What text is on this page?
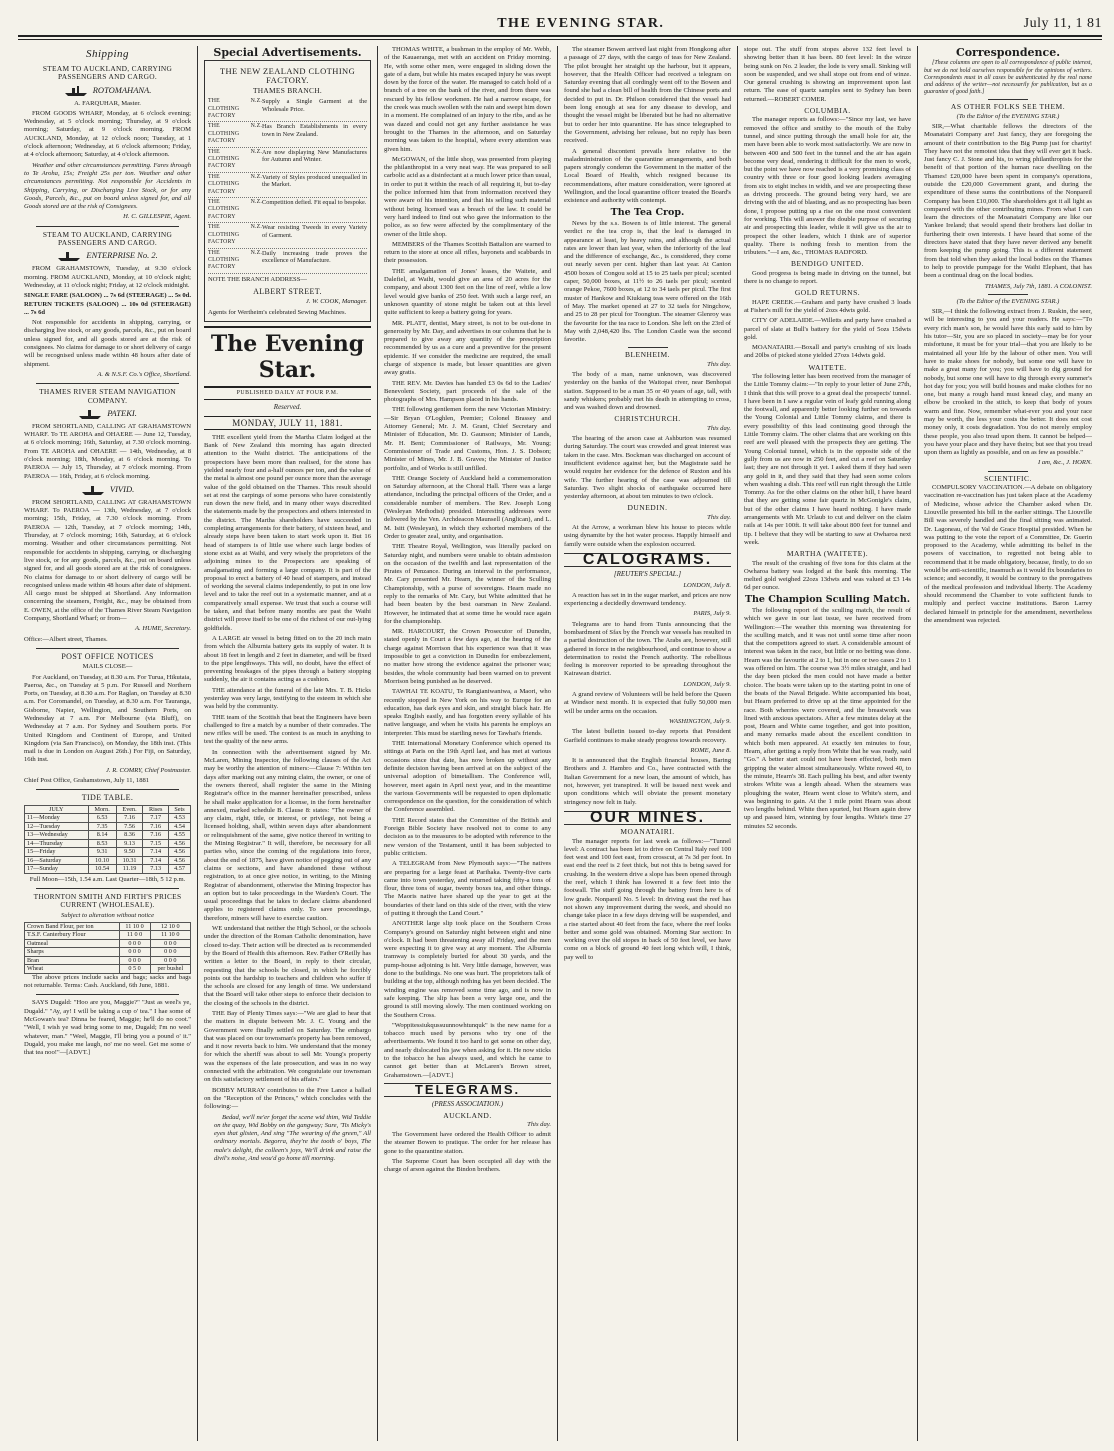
THE EVENING STAR.	July 11, 1 81
Shipping
STEAM TO AUCKLAND, CARRYING PASSENGERS AND CARGO.
ROTOMAHANA.

A. FARQUHAR, Master.

FROM GOODS WHARF, Monday, at 6 o'clock evening; Wednesday, at 5 o'clock morning; Thursday, at 9 o'clock morning; Saturday, at 9 o'clock morning. FROM AUCKLAND, Monday, at 12 o'clock noon; Tuesday, at 1 o'clock afternoon; Wednesday, at 6 o'clock afternoon; Friday, at 4 o'clock afternoon; Saturday, at 4 o'clock afternoon.

Weather and other circumstances permitting. Fares through to Te Aroha, 15s; Freight 25s per ton. Weather and other circumstances permitting. Not responsible for Accidents in Shipping, Carrying, or Discharging Live Stock, or for any Goods, Parcels, &c., put on board unless signed for, and all Goods stored are at the risk of Consignees.

H. C. GILLESPIE, Agent.

STEAM TO AUCKLAND, CARRYING PASSENGERS AND CARGO.
ENTERPRISE No. 2.

FROM GRAHAMSTOWN, Tuesday, at 9.30 o'clock morning. FROM AUCKLAND, Monday, at 10 o'clock night; Wednesday, at 11 o'clock night; Friday, at 12 o'clock midnight.

SINGLE FARE (SALOON) ... 7s 6d (STEERAGE) ... 5s 0d. RETURN TICKETS (SALOON) ... 10s 0d (STEERAGE) ... 7s 6d

Not responsible for accidents in shipping, carrying, or discharging live stock, or any goods, parcels, &c., put on board unless signed for, and all goods stored are at the risk of consignees. No claims for damage to or short delivery of cargo will be recognised unless made within 48 hours after date of shipment.

A. & N.S.F. Co.'s Office, Shortland.

THAMES RIVER STEAM NAVIGATION COMPANY.
PATEKI.

FROM SHORTLAND, CALLING AT GRAHAMSTOWN WHARF. To TE AROHA and OHAERE — June 12, Tuesday, at 6 o'clock morning; 16th, Saturday, at 7.30 o'clock morning. From TE AROHA and OHAERE — 14th, Wednesday, at 8 o'clock morning; 18th, Monday, at 6 o'clock morning. To PAEROA — July 15, Thursday, at 7 o'clock morning. From PAEROA — 16th, Friday, at 6 o'clock morning.

VIVID.

FROM SHORTLAND, CALLING AT GRAHAMSTOWN WHARF. To PAEROA — 13th, Wednesday, at 7 o'clock morning; 15th, Friday, at 7.30 o'clock morning. From PAEROA — 12th, Tuesday, at 7 o'clock morning; 14th, Thursday, at 7 o'clock morning; 16th, Saturday, at 6 o'clock morning. Weather and other circumstances permitting. Not responsible for accidents in shipping, carrying, or discharging live stock, or for any goods, parcels, &c., put on board unless signed for, and all goods stored are at the risk of consignees. No claims for damage to or short delivery of cargo will be recognised unless made within 48 hours after date of shipment. All cargo must be shipped at Shortland. Any information concerning the steamers, Freight, &c., may be obtained from E. OWEN, at the office of the Thames River Steam Navigation Company, Shortland Wharf; or from—

A. HUME, Secretary.

Office:—Albert street, Thames.

POST OFFICE NOTICES

MAILS CLOSE—

For Auckland, on Tuesday, at 8.30 a.m. For Turua, Hikutaia, Paeroa, &c., on Tuesday at 5 p.m. For Russell and Northern Ports, on Tuesday, at 8.30 a.m. For Raglan, on Tuesday at 8.30 a.m. For Coromandel, on Tuesday, at 8.30 a.m. For Tauranga, Gisborne, Napier, Wellington, and Southern Ports, on Wednesday at 7 a.m. For Melbourne (via Bluff), on Wednesday at 7 a.m. For Sydney and Southern ports. For United Kingdom and Continent of Europe, and United Kingdom (via San Francisco), on Monday, the 18th inst. (This mail is due in London on August 26th.) For Fiji, on Saturday, 16th inst.

J. R. COMRY, Chief Postmaster.

Chief Post Office, Grahamstown, July 11, 1881

TIDE TABLE.
JULY	Morn.	Even.	Rises	Sets
11—Monday	6.53	7.16	7.17	4.53
12—Tuesday	7.35	7.56	7.16	4.54
13—Wednesday	8.14	8.36	7.16	4.55
14—Thursday	8.53	9.13	7.15	4.56
15—Friday	9.31	9.50	7.14	4.56
16—Saturday	10.10	10.31	7.14	4.56
17—Sunday	10.54	11.19	7.13	4.57

Full Moon—15th, 1.54 a.m. Last Quarter—18th, 5 12 p.m.

THORNTON SMITH AND FIRTH'S PRICES CURRENT (WHOLESALE).

Subject to alteration without notice

Crown Band Flour, per ton	11 10 0	12 10 0
T.S.F. Canterbury Flour	11 0 0	11 10 0
Oatmeal	0 0 0	0 0 0
Sharps	0 0 0	0 0 0
Bran	0 0 0	0 0 0
Wheat	0 5 0	per bushel

The above prices include sacks and bags; sacks and bags not returnable. Terms: Cash. Auckland, 6th June, 1881.

SAYS Dugald: "Hoo are you, Maggie?" "Just as weel's ye, Dugald." "Ay, ay! I will be taking a cup o' tea." I hae some of McGowan's tea? Dinna be feared, Maggie; he'll do no coot." "Well, I wish ye wad bring some to me, Dugald; I'm no weel whatever, man." "Weel, Maggie, I'll bring you a pound o' it." Dugald, you make me laugh, no' me no weel. Get me some o' that tea noo!"—[ADVT.]

Special Advertisements.
THE NEW ZEALAND CLOTHING FACTORY.
THAMES BRANCH.
THE N.Z. CLOTHING FACTORY
Supply a Single Garment at the Wholesale Price.
THE N.Z. CLOTHING FACTORY
Has Branch Establishments in every town in New Zealand.
THE N.Z. CLOTHING FACTORY
Are now displaying New Manufactures for Autumn and Winter.
THE N.Z. CLOTHING FACTORY
Variety of Styles produced unequalled in the Market.
THE N.Z. CLOTHING FACTORY
Competition defied. Fit equal to bespoke.
THE N.Z. CLOTHING FACTORY
Wear resisting Tweeds in every Variety of Garment.
THE N.Z. CLOTHING FACTORY
Daily increasing trade proves the excellence of Manufacture.

NOTE THE BRANCH ADDRESS—

ALBERT STREET.

J. W. COOK, Manager.

Agents for Wertheim's celebrated Sewing Machines.

The Evening Star.
PUBLISHED DAILY AT FOUR P.M.
Reserved.
MONDAY, JULY 11, 1881.

THE excellent yield from the Martha Claim lodged at the Bank of New Zealand this morning has again directed attention to the Waihi district. The anticipations of the prospectors have been more than realised, for the stone has yielded nearly four and a-half ounces per ton, and the value of the metal is almost one pound per ounce more than the average value of the gold obtained on the Thames. This result should set at rest the carpings of some persons who have consistently run down the new field, and in many other ways discredited the statements made by the prospectors and others interested in the district. The Martha shareholders have succeeded in completing arrangements for their battery, of sixteen head, and already steps have been taken to start work upon it. But 16 head of stampers is of little use where such large bodies of stone exist as at Waihi, and very wisely the proprietors of the adjoining mines to the Prospectors are speaking of amalgamating and forming a large company. It is part of the proposal to erect a battery of 40 head of stampers, and instead of working the several claims independently, to put in one low level and to take the reef out in a systematic manner, and at a comparatively small expense. We trust that such a course will be taken, and that before many months are past the Waihi district will prove itself to be one of the richest of our out-lying goldfields.

A LARGE air vessel is being fitted on to the 20 inch main from which the Alburnia battery gets its supply of water. It is about 18 feet in length and 2 feet in diameter, and will be fixed to the pipe lengthways. This will, no doubt, have the effect of preventing breakages of the pipes through a battery stopping suddenly, the air it contains acting as a cushion.

THE attendance at the funeral of the late Mrs. T. B. Hicks yesterday was very large, testifying to the esteem in which she was held by the community.

THE team of the Scottish that beat the Engineers have been challenged to fire a match by a number of their comrades. The new rifles will be used. The contest is as much in anything to test the quality of the new arms.

In connection with the advertisement signed by Mr. McLaren, Mining Inspector, the following clauses of the Act may be worthy the attention of miners:—Clause 7: Within ten days after marking out any mining claim, the owner, or one of the owners thereof, shall register the same in the Mining Registrar's office in the manner hereinafter prescribed, unless he shall make application for a license, in the form hereinafter annexed, marked schedule B. Clause 8: states: "The owner of any claim, right, title, or interest, or privilege, not being a licensed holding, shall, within seven days after abandonment or relinquishment of the same, give notice thereof in writing to the Mining Registrar." It will, therefore, be necessary for all parties who, since the coming of the regulations into force, about the end of 1875, have given notice of pegging out of any claims or sections, and have abandoned these without registration, to at once give notice, in writing, to the Mining Registrar of abandonment, otherwise the Mining Inspector has an option but to take proceedings in the Warden's Court. The usual proceedings that he takes to declare claims abandoned applies to registered claims only. To save proceedings, therefore, miners will have to exercise caution.

WE understand that neither the High School, or the schools under the direction of the Roman Catholic denomination, have closed to-day. Their action will be directed as is recommended by the Board of Health this afternoon. Rev. Father O'Reilly has written a letter to the Board, in reply to their circular, requesting that the schools be closed, in which he forcibly points out the hardship to teachers and children who suffer if the schools are closed for any length of time. We understand that the Board will take other steps to enforce their decision to the closing of the schools in the district.

THE Bay of Plenty Times says:—"We are glad to hear that the matters in dispute between Mr. J. C. Young and the Government were finally settled on Saturday. The embargo that was placed on our townsman's property has been removed, and it now reverts back to him. We understand that the money for which the sheriff was about to sell Mr. Young's property was the expenses of the late prosecution, and was in no way connected with the arbitration. We congratulate our townsman on this satisfactory settlement of his affairs."

BOBBY MURRAY contributes to the Free Lance a ballad on the "Reception of the Princes," which concludes with the following:—

Bedad, we'll ne'er forget the scene wid thim, Wid Teddie on the quay, Wid Bobby on the gangway; Sure, 'Tis Micky's eyes that glisten, And sing "The wearing of the green," All ordinary mortals. Begorra, they're the tooth o' boys, The male's delight, the colleen's joys, We'll drink and raise the divil's noise, And wou'd go home till morning.

THOMAS WHITE, a bushman in the employ of Mr. Webb, of the Kauaeranga, met with an accident on Friday morning. He, with some other men, were engaged in sliding down the gate of a dam, but while his mates escaped injury he was swept down by the force of the water. He managed to catch hold of a branch of a tree on the bank of the river, and from there was rescued by his fellow workmen. He had a narrow escape, for the creek was much swollen with the rain and swept him down in a moment. He complained of an injury to the ribs, and as he was dazed and could not get any further assistance he was brought to the Thames in the afternoon, and on Saturday morning was taken to the hospital, where every attention was given him.

McGOWAN, of the little shop, was presented from playing the philanthropist in a very neat way. He was prepared to sell carbolic acid as a disinfectant at a much lower price than usual, in order to put it within the reach of all requiring it, but to-day the police informed him that from information received they were aware of his intention, and that his selling such material without being licensed was a breach of the law. It could be very hard indeed to find out who gave the information to the police, as so few were affected by the complimentary of the owner of the little shop.

MEMBERS of the Thames Scottish Battalion are warned to return to the store at once all rifles, bayonets and scabbards in their possession.

THE amalgamation of Jones' leases, the Waitete, and Dalefiel, at Waihi, would give an area of 20 acres for the company, and about 1300 feet on the line of reef, while a low level would give banks of 250 feet. With such a large reef, an unknown quantity of stone might be taken out at this level quite sufficient to keep a battery going for years.

MR. PLATT, dentist, Mary street, is not to be out-done in generosity by Mr. Day, and advertises in our columns that he is prepared to give away any quantity of the prescription recommended by us as a cure and a preventive for the present epidemic. If we consider the medicine are required, the small charge of sixpence is made, but lesser quantities are given away gratis.

THE REV. Mr. Davies has handed £3 0s 6d to the Ladies' Benevolent Society, part proceeds of the sale of the photographs of Mrs. Hampson placed in his hands.

THE following gentlemen form the new Victorian Ministry:—Sir Bryan O'Loghlen, Premier; Colonel Brassey and Attorney General; Mr. J. M. Grant, Chief Secretary and Minister of Education, Mr. D. Gaunson; Minister of Lands, Mr. H. Bent; Commissioner of Railways, Mr. Young; Commissioner of Trade and Customs, Hon. J. S. Dobson; Minister of Mines, Mr. J. B. Graves; the Minister of Justice portfolio, and of Works is still unfilled.

THE Orange Society of Auckland held a commemoration on Saturday afternoon, at the Choral Hall. There was a large attendance, including the principal officers of the Order, and a considerable number of members. The Rev. Joseph Long (Wesleyan Methodist) presided. Interesting addresses were delivered by the Ven. Archdeacon Maunsell (Anglican), and L. M. Isitt (Wesleyan), in which they exhorted members of the Order to greater zeal, unity, and organisation.

THE Theatre Royal, Wellington, was literally packed on Saturday night, and numbers were unable to obtain admission on the occasion of the twelfth and last representation of the Pirates of Penzance. During an interval in the performance, Mr. Cary presented Mr. Hearn, the winner of the Sculling Championship, with a purse of sovereigns. Hearn made no reply to the remarks of Mr. Cary, but White admitted that he had been beaten by the best oarsman in New Zealand. However, he intimated that at some time he would race again for the championship.

MR. HARCOURT, the Crown Prosecutor of Dunedin, stated openly in Court a few days ago, at the hearing of the charge against Morrison that his experience was that it was impossible to get a conviction in Dunedin for embezzlement, no matter how strong the evidence against the prisoner was; besides, the whole community had been warned on to prevent Morrison being punished as he deserved.

TAWHAI TE KOATU, Te Rangianiwaniwa, a Maori, who recently stopped in New York on his way to Europe for an education, has dark eyes and skin, and straight black hair. He speaks English easily, and has forgotten every syllable of his native language, and when he visits his parents he employs an interpreter. This must be startling news for Tawhai's friends.

THE International Monetary Conference which opened its sittings at Paris on the 19th April last, and has met at various occasions since that date, has now broken up without any definite decision having been arrived at on the subject of the universal adoption of bimetallism. The Conference will, however, meet again in April next year, and in the meantime the various Governments will be requested to open diplomatic correspondence on the question, for the consideration of which the Conference assembled.

THE Record states that the Committee of the British and Foreign Bible Society have resolved not to come to any decision as to the measures to be adopted with reference to the new version of the Testament, until it has been subjected to public criticism.

A TELEGRAM from New Plymouth says:—"The natives are preparing for a large feast at Parihaka. Twenty-five carts came into town yesterday, and returned taking fifty-a tons of flour, three tons of sugar, twenty boxes tea, and other things. The Maoris native have shared up the year to get at the boundaries of their land on this side of the river, with the view of putting it through the Land Court."

ANOTHER large slip took place on the Southern Cross Company's ground on Saturday night between eight and nine o'clock. It had been threatening away all Friday, and the men were expecting it to give way at any moment. The Alburnia tramway is completely buried for about 30 yards, and the pump-house adjoining is hit. Very little damage, however, was done to the buildings. No one was hurt. The proprietors talk of building at the top, although nothing has yet been decided. The winding engine was removed some time ago, and is now in safe keeping. The slip has been a very large one, and the ground is still moving slowly. The men continued working on the Southern Cross.

"Woppitessiukqussuunnowhtunquk" is the new name for a tobacco much used by persons who try one of the advertisements. We found it too hard to get some on other day, and nearly dislocated his jaw when asking for it. He now sticks to the tobacco he has always used, and which he came to cannot get better than at McLaren's Brown street, Grahamstown.—[ADVT.]

TELEGRAMS.
(PRESS ASSOCIATION.)
AUCKLAND.

This day.

The Government have ordered the Health Officer to admit the steamer Bowen to pratique. The order for her release has gone to the quarantine station.

The Supreme Court has been occupied all day with the charge of arson against the Bindon brothers.

The steamer Bowen arrived last night from Hongkong after a passage of 27 days, with the cargo of teas for New Zealand. The pilot brought her straight up the harbour, but it appears, however, that the Health Officer had received a telegram on Saturday evening that all cordingly went off to the Bowen and found she had a clean bill of health from the Chinese ports and decided to put in. Dr. Philson considered that the vessel had been long enough at sea for any disease to develop, and thought the vessel might be liberated but he had no alternative but to order her into quarantine. He has since telegraphed to the Government, advising her release, but no reply has been received.

A general discontent prevails here relative to the maladministration of the quarantine arrangements, and both papers strongly condemn the Government in the matter of the Local Board of Health, which resigned because its recommendations, after mature consideration, were ignored at Wellington, and the local quarantine officer treated the Board's existence and authority with contempt.

The Tea Crop.

News by the s.s. Bowen is of little interest. The general verdict re the tea crop is, that the leaf is damaged in appearance at least, by heavy rains, and although the actual rates are lower than last year, when the inferiority of the leaf and the difference of exchange, &c., is considered, they come out nearly seven per cent. higher than last year. At Canton 4500 boxes of Congou sold at 15 to 25 taels per picul; scented caper, 50,000 boxes, at 11½ to 26 taels per picul; scented orange Pekoe, 7600 boxes, at 12 to 34 taels per picul. The first muster of Hankow and Kiukiang teas were offered on the 16th of May. The market opened at 27 to 32 taels for Ningchow, and 25 to 28 per picul for Toongtun. The steamer Glenroy was the favourite for the tea race to London. She left on the 23rd of May with 2,048,420 lbs. The London Castle was the second favorite.

BLENHEIM.

This day.

The body of a man, name unknown, was discovered yesterday on the banks of the Waitopai river, near Benhopai station. Supposed to be a man 35 or 40 years of age, tall, with sandy whiskers; probably met his death in attempting to cross, and was washed down and drowned.

CHRISTCHURCH.

This day.

The hearing of the arson case at Ashburton was resumed during Saturday. The court was crowded and great interest was taken in the case. Mrs. Bockman was discharged on account of insufficient evidence against her, but the Magistrate said he would require her evidence for the defence of Ruxton and his wife. The further hearing of the case was adjourned till Saturday. Two slight shocks of earthquake occurred here yesterday afternoon, at about ten minutes to two o'clock.

DUNEDIN.

This day.

At the Arrow, a workman blew his house to pieces while using dynamite by the hot water process. Happily himself and family were outside when the explosion occurred.

CALOGRAMS.
[REUTER'S SPECIAL.]

LONDON, July 8.

A reaction has set in in the sugar market, and prices are now experiencing a decidedly downward tendency.

PARIS, July 9.

Telegrams are to hand from Tunis announcing that the bombardment of Sfax by the French war vessels has resulted in a partial destruction of the town. The Arabs are, however, still gathered in force in the neighbourhood, and continue to show a determination to resist the French authority. The rebellious feeling is moreover reported to be spreading throughout the Kairawan district.

LONDON, July 9.

A grand review of Volunteers will be held before the Queen at Windsor next month. It is expected that fully 50,000 men will be under arms on the occasion.

WASHINGTON, July 9.

The latest bulletin issued to-day reports that President Garfield continues to make steady progress towards recovery.

ROME, June 8.

It is announced that the English financial houses, Baring Brothers and J. Hambro and Co., have contracted with the Italian Government for a new loan, the amount of which, has not, however, yet transpired. It will be issued next week and upon conditions which will obviate the present monetary stringency now felt in Italy.

OUR MINES.
MOANATAIRI.

The manager reports for last week as follows:—"Tunnel level: A contract has been let to drive on Central Italy reef 100 feet west and 100 feet east, from crosscut, at 7s 3d per foot. In east end the reef is 2 feet thick, but not this is being saved for crushing. In the western drive a slope has been opened through the reef, which I think has lowered it a few feet into the footwall. The stuff going through the battery from here is of low grade. Nonpareil No. 5 level: In driving east the reef has not shown any improvement during the week, and should no change take place in a few days driving will be suspended, and a rise started about 40 feet from the face, where the reef looks better and some gold was obtained. Morning Star section: In working over the old stopes in back of 50 feet level, we have come on a block of ground 40 feet long which will, I think, pay well to

stope out. The stuff from stopes above 132 feet level is showing better than it has been. 80 feet level: In the winze being sunk on No. 2 leader, the lode is very small. Sinking will soon be suspended, and we shall stope out from end of winze. Our general crushing is showing an improvement upon last return. The ease of quartz samples sent to Sydney has been returned.—ROBERT COMER.

COLUMBIA.

The manager reports as follows:—"Since my last, we have removed the office and smithy to the mouth of the Euby tunnel, and since putting through the small hole for air, the men have been able to work most satisfactorily. We are now in between 400 and 500 feet in the tunnel and the air has again become very dead, rendering it difficult for the men to work, but the point we have now reached is a very promising class of country with three or four good looking leaders averaging from six to eight inches in width, and we are prospecting these as driving proceeds. The ground being very hard, we are driving with the aid of blasting, and as no prospecting has been done, I propose putting up a rise on the one most convenient for working. This will answer the double purpose of securing air and prospecting this leader, while it will give us the air to prospect the other leaders, which I think are of superior quality. There is nothing fresh to mention from the tributers."—I am, &c., THOMAS RADFORD.

BENDIGO UNITED.

Good progress is being made in driving on the tunnel, but there is no change to report.

GOLD RETURNS.

HAPE CREEK.—Graham and party have crushed 3 loads at Fisher's mill for the yield of 2ozs 4dwts gold.

CITY OF ADELAIDE.—Willetts and party have crushed a parcel of slate at Bull's battery for the yield of 5ozs 15dwts gold.

MOANATAIRI.—Boxall and party's crushing of six loads and 20lbs of picked stone yielded 27ozs 14dwts gold.

WAITETE.

The following letter has been received from the manager of the Little Tommy claim:—"In reply to your letter of June 27th, I think that this will prove to a great deal the prospects' tunnel. I have been in I saw a regular vein of leafy gold running along the footwall, and apparently better looking further on towards the Young Colonial and Little Tommy claims, and there is every possibility of this lead continuing good through the Little Tommy claim. The other claims that are working on this reef are well pleased with the prospects they are getting. The Young Colonial tunnel, which is in the opposite side of the gully from us are now in 250 feet, and cut a reef on Saturday last; they are not through it yet. I asked them if they had seen any gold in it, and they said that they had seen some colors when washing a dish. This reef will run right through the Little Tommy. As for the other claims on the other hill, I have heard that they are getting some fair quartz in McGonigle's claim, but of the other claims I have heard nothing. I have made arrangements with Mr. Urlaub to cut and deliver on the claim rails at 14s per 100ft. It will take about 800 feet for tunnel and tip. I believe that they will be starting to saw at Owharoa next week.

MARTHA (WAITETE).

The result of the crushing of five tons for this claim at the Owharoa battery was lodged at the bank this morning. The melted gold weighed 22ozs 13dwts and was valued at £3 14s 6d per ounce.

The Champion Sculling Match.

The following report of the sculling match, the result of which we gave in our last issue, we have received from Wellington:—The weather this morning was threatening for the sculling match, and it was not until some time after noon that the competitors agreed to start. A considerable amount of interest was taken in the race, but little or no betting was done. Hearn was the favourite at 2 to 1, but in one or two cases 2 to 1 was offered on him. The course was 3½ miles straight, and had the day been picked the men could not have made a better choice. The boats were taken up to the starting point in one of the boats of the Naval Brigade. White accompanied his boat, but Hearn preferred to drive up at the time appointed for the race. Both wherries were covered, and the breastwork was lined with anxious spectators. After a few minutes delay at the post, Hearn and White came together, and got into position, and many remarks made about the excellent condition in which both men appeared. At exactly ten minutes to four, Hearn, after getting a reply from White that he was ready, said "Go." A better start could not have been effected, both men gripping the water almost simultaneously. White rowed 40, to the minute, Hearn's 38. Each pulling his best, and after twenty strokes White was a length ahead. When the steamers was ploughing the water, Hearn went close to White's stern, and was beginning to gain. At the 1 mile point Hearn was about two lengths behind. White then spurted, but Hearn again drew up and passed him, winning by four lengths. White's time 27 minutes 52 seconds.

Correspondence.

[These columns are open to all correspondence of public interest, but we do not hold ourselves responsible for the opinions of writers. Correspondents must in all cases be authenticated by the real name and address of the writer—not necessarily for publication, but as a guarantee of good faith.]

AS OTHER FOLKS SEE THEM.

(To the Editor of the EVENING STAR.)

SIR,—What charitable fellows the directors of the Moanatairi Company are! Just fancy, they are foregoing the amount of their contribution to the Big Pump just for charity! They have not the remotest idea that they will ever get it back. Just fancy C. J. Stone and his, to wring philanthropists for the benefit of that portion of the human race dwelling on the Thames! £20,000 have been spent in company's operations, outside the £20,000 Government grant, and during the expenditure of these sums the contributions of the Nonpareil Company has been £10,000. The shareholders got it all light as compared with the other contributing mines. From what I can learn the directors of the Moanatairi Company are like our Yankee Ireland; that would spend their brothers last dollar in furthering their own interests. I have heard that some of the directors have stated that they have never derived any benefit from keeping the pump going. This is a different statement from that told when they asked the local bodies on the Thames to help to provide pumpage for the Waihi Elephant, that has been a continual drag on the local bodies.

THAMES, July 7th, 1881. A COLONIST.

(To the Editor of the EVENING STAR.)

SIR,—I think the following extract from J. Ruskin, the seer, will be interesting to you and your readers. He says:—"To every rich man's son, he would have this early said to him by his tutor—Sir, you are so placed in society—may be for your misfortune, it must be for your trial—that you are likely to be maintained all your life by the labour of other men. You will have to make shoes for nobody, but some one will have to make a great many for you; you will have to dig ground for nobody, but some one will have to dig through every summer's hot day for you; you will build houses and make clothes for no one, but many a rough hand must knead clay, and many an elbow be crooked in the stitch, to keep that body of yours warm and fine. Now, remember what-ever you and your race may be worth, the less your costs the better. It does not cost money only, it costs degradation. You do not merely employ these people, you also tread upon them. It cannot be helped—you have your place and they have theirs; but see that you tread upon them as lightly as possible, and on as few as possible."

I am, &c., J. HORN.

SCIENTIFIC.

COMPULSORY VACCINATION.—A debate on obligatory vaccination re-vaccination has just taken place at the Academy of Medicine, whose advice the Chamber asked when Dr. Liouville presented his bill in the earlier sittings. The Liouville Bill was severely handled and the final sitting was animated. Dr. Lagoneau, of the Val de Grace Hospital presided. When he was putting to the vote the report of a Committee, Dr. Guerin proposed to the Academy, while admitting its belief in the powers of vaccination, to regretted not being able to recommend that it be made obligatory, because, firstly, to do so would be anti-scientific, inasmuch as it would fix boundaries to science; and secondly, it would be contrary to the prerogatives of the medical profession and individual liberty. The Academy should recommend the Chamber to vote sufficient funds to multiply and perfect vaccine institutions. Baron Larrey declared himself in principle for the amendment, nevertheless the amendment was rejected.
